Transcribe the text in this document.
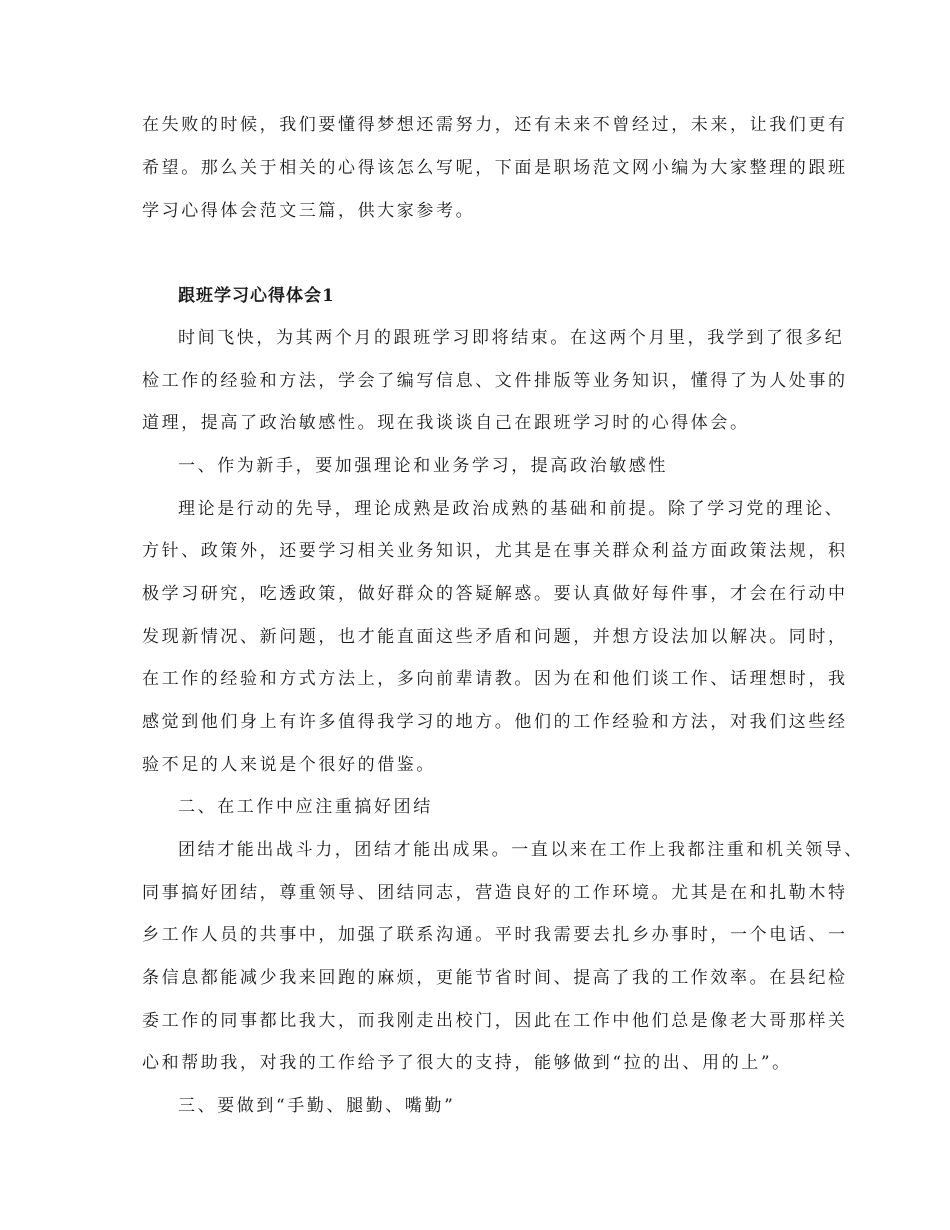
在失败的时候，我们要懂得梦想还需努力，还有未来不曾经过，未来，让我们更有
希望。那么关于相关的心得该怎么写呢，下面是职场范文网小编为大家整理的跟班
学习心得体会范文三篇，供大家参考。
跟班学习心得体会1
时间飞快，为其两个月的跟班学习即将结束。在这两个月里，我学到了很多纪
检工作的经验和方法，学会了编写信息、文件排版等业务知识，懂得了为人处事的
道理，提高了政治敏感性。现在我谈谈自己在跟班学习时的心得体会。
一、作为新手，要加强理论和业务学习，提高政治敏感性
理论是行动的先导，理论成熟是政治成熟的基础和前提。除了学习党的理论、
方针、政策外，还要学习相关业务知识，尤其是在事关群众利益方面政策法规，积
极学习研究，吃透政策，做好群众的答疑解惑。要认真做好每件事，才会在行动中
发现新情况、新问题，也才能直面这些矛盾和问题，并想方设法加以解决。同时，
在工作的经验和方式方法上，多向前辈请教。因为在和他们谈工作、话理想时，我
感觉到他们身上有许多值得我学习的地方。他们的工作经验和方法，对我们这些经
验不足的人来说是个很好的借鉴。
二、在工作中应注重搞好团结
团结才能出战斗力，团结才能出成果。一直以来在工作上我都注重和机关领导、
同事搞好团结，尊重领导、团结同志，营造良好的工作环境。尤其是在和扎勒木特
乡工作人员的共事中，加强了联系沟通。平时我需要去扎乡办事时，一个电话、一
条信息都能减少我来回跑的麻烦，更能节省时间、提高了我的工作效率。在县纪检
委工作的同事都比我大，而我刚走出校门，因此在工作中他们总是像老大哥那样关
心和帮助我，对我的工作给予了很大的支持，能够做到“拉的出、用的上”。
三、要做到“手勤、腿勤、嘴勤”
